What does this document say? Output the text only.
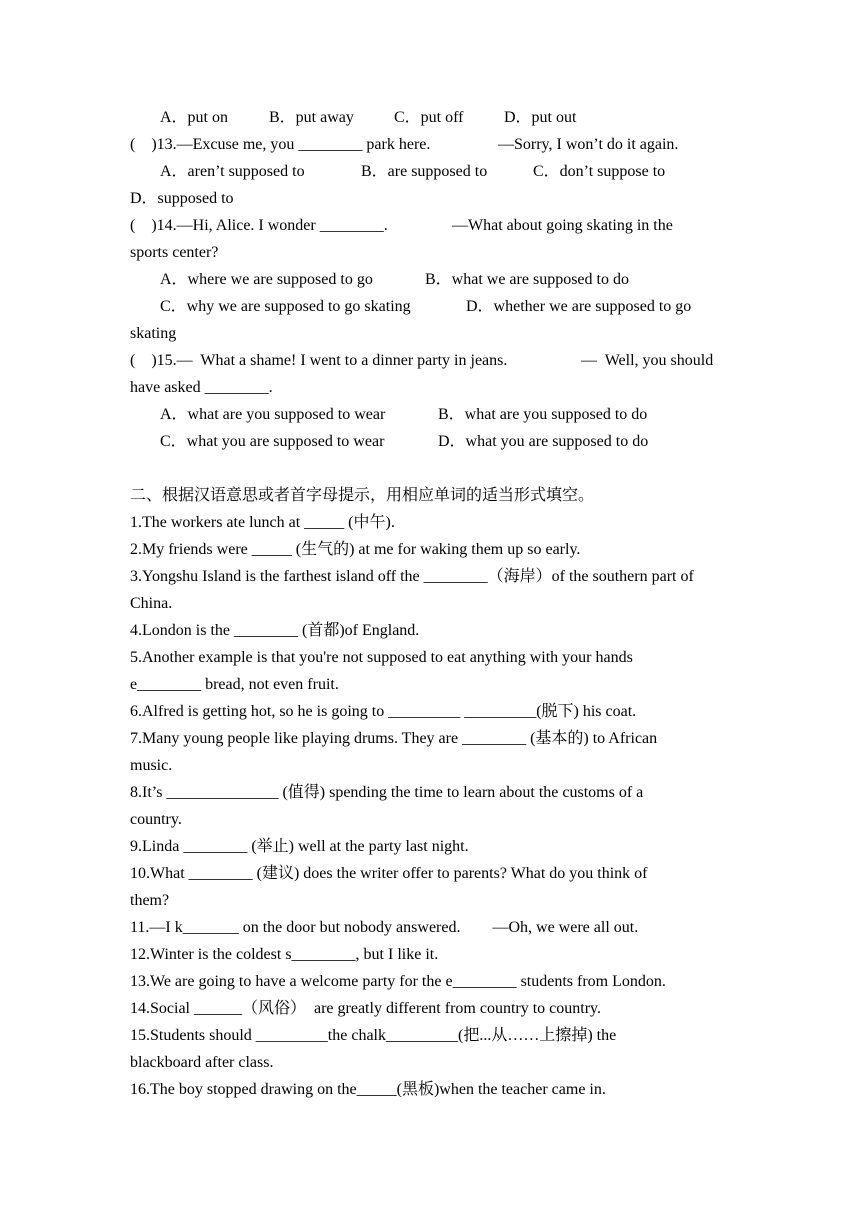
A．put on

	B．put away

	C．put off

	D．put out

(    )13.—Excuse me, you ________ park here.

	—Sorry, I won’t do it again.

A．aren’t supposed to

	B．are supposed to

	C．don’t suppose to

D．supposed to

(    )14.—Hi, Alice. I wonder ________.

	—What about going skating in the

sports center?

A．where we are supposed to go

	B．what we are supposed to do

C．why we are supposed to go skating

	D．whether we are supposed to go

skating

(    )15.—  What a shame! I went to a dinner party in jeans.

	—  Well, you should

have asked ________.

A．what are you supposed to wear

	B．what are you supposed to do

C．what you are supposed to wear

	D．what you are supposed to do

二、根据汉语意思或者首字母提示，用相应单词的适当形式填空。
1.The workers ate lunch at _____ (中午).
2.My friends were _____ (生气的) at me for waking them up so early.
3.Yongshu Island is the farthest island off the ________（海岸）of the southern part of
China.
4.London is the ________ (首都)of England.
5.Another example is that you're not supposed to eat anything with your hands
e________ bread, not even fruit.
6.Alfred is getting hot, so he is going to _________ _________(脱下) his coat.
7.Many young people like playing drums. They are ________ (基本的) to African
music.
8.It’s ______________ (值得) spending the time to learn about the customs of a
country.
9.Linda ________ (举止) well at the party last night.
10.What ________ (建议) does the writer offer to parents? What do you think of
them?
11.—I k_______ on the door but nobody answered.        —Oh, we were all out.
12.Winter is the coldest s________, but I like it.
13.We are going to have a welcome party for the e________ students from London.
14.Social ______（风俗）  are greatly different from country to country.
15.Students should _________the chalk_________(把...从……上擦掉) the
blackboard after class.
16.The boy stopped drawing on the_____(黑板)when the teacher came in.
